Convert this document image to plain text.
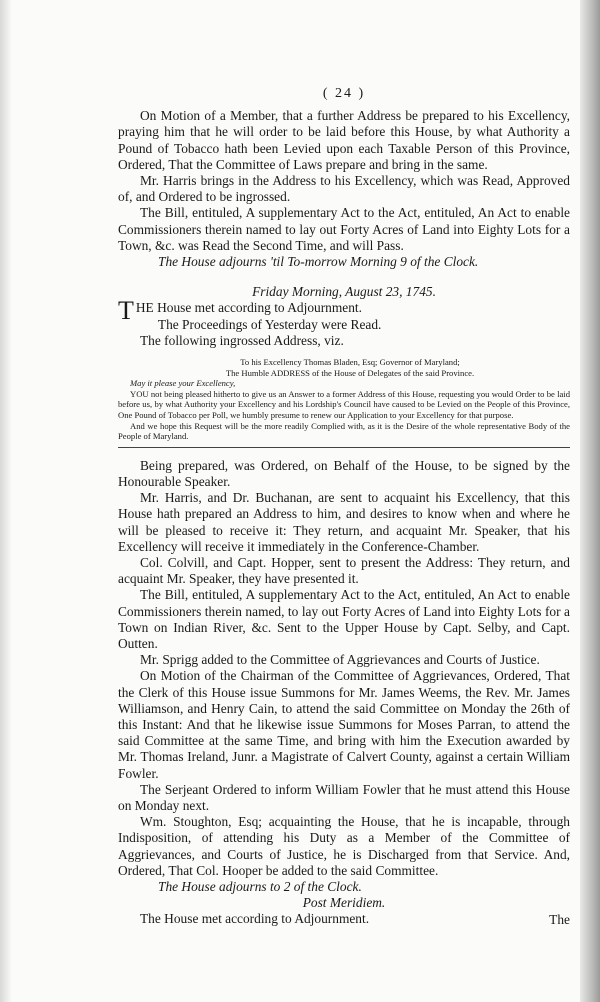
( 24 )

On Motion of a Member, that a further Address be prepared to his Excellency, praying him that he will order to be laid before this House, by what Authority a Pound of Tobacco hath been Levied upon each Taxable Person of this Province, Ordered, That the Committee of Laws prepare and bring in the same.

Mr. Harris brings in the Address to his Excellency, which was Read, Approved of, and Ordered to be ingrossed.

The Bill, entituled, A supplementary Act to the Act, entituled, An Act to enable Commissioners therein named to lay out Forty Acres of Land into Eighty Lots for a Town, &c. was Read the Second Time, and will Pass.

The House adjourns 'til To-morrow Morning 9 of the Clock.

Friday Morning, August 23, 1745.

THE House met according to Adjournment.

The Proceedings of Yesterday were Read.

The following ingrossed Address, viz.

To his Excellency Thomas Bladen, Esq; Governor of Maryland;

The Humble ADDRESS of the House of Delegates of the said Province.

May it please your Excellency,

YOU not being pleased hitherto to give us an Answer to a former Address of this House, requesting you would Order to be laid before us, by what Authority your Excellency and his Lordship's Council have caused to be Levied on the People of this Province, One Pound of Tobacco per Poll, we humbly presume to renew our Application to your Excellency for that purpose.

And we hope this Request will be the more readily Complied with, as it is the Desire of the whole representative Body of the People of Maryland.

Being prepared, was Ordered, on Behalf of the House, to be signed by the Honourable Speaker.

Mr. Harris, and Dr. Buchanan, are sent to acquaint his Excellency, that this House hath prepared an Address to him, and desires to know when and where he will be pleased to receive it: They return, and acquaint Mr. Speaker, that his Excellency will receive it immediately in the Conference-Chamber.

Col. Colvill, and Capt. Hopper, sent to present the Address: They return, and acquaint Mr. Speaker, they have presented it.

The Bill, entituled, A supplementary Act to the Act, entituled, An Act to enable Commissioners therein named, to lay out Forty Acres of Land into Eighty Lots for a Town on Indian River, &c. Sent to the Upper House by Capt. Selby, and Capt. Outten.

Mr. Sprigg added to the Committee of Aggrievances and Courts of Justice.

On Motion of the Chairman of the Committee of Aggrievances, Ordered, That the Clerk of this House issue Summons for Mr. James Weems, the Rev. Mr. James Williamson, and Henry Cain, to attend the said Committee on Monday the 26th of this Instant: And that he likewise issue Summons for Moses Parran, to attend the said Committee at the same Time, and bring with him the Execution awarded by Mr. Thomas Ireland, Junr. a Magistrate of Calvert County, against a certain William Fowler.

The Serjeant Ordered to inform William Fowler that he must attend this House on Monday next.

Wm. Stoughton, Esq; acquainting the House, that he is incapable, through Indisposition, of attending his Duty as a Member of the Committee of Aggrievances, and Courts of Justice, he is Discharged from that Service. And, Ordered, That Col. Hooper be added to the said Committee.

The House adjourns to 2 of the Clock.

Post Meridiem.

The House met according to Adjournment.	The
